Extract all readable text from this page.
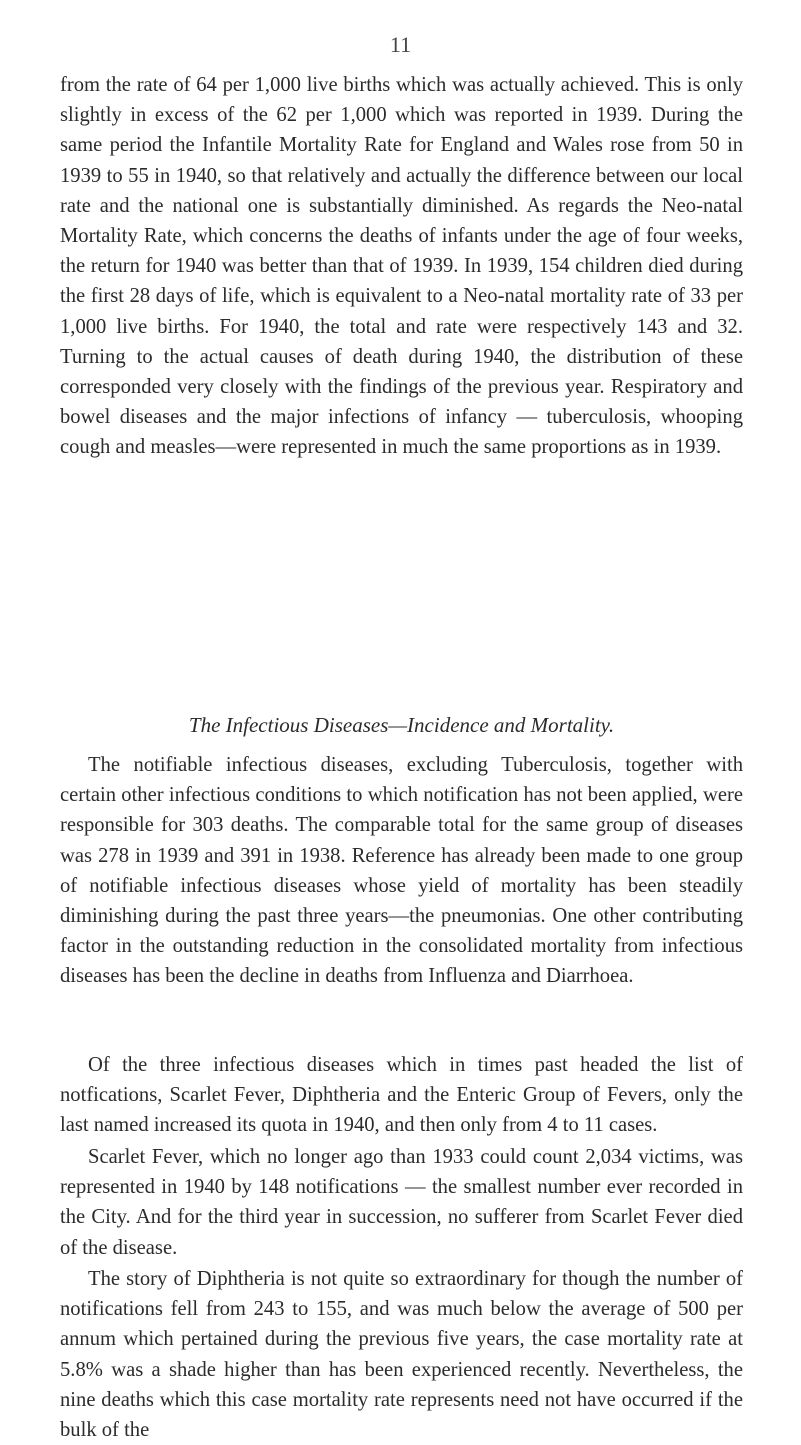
11

from the rate of 64 per 1,000 live births which was actually achieved. This is only slightly in excess of the 62 per 1,000 which was reported in 1939. During the same period the Infantile Mortality Rate for England and Wales rose from 50 in 1939 to 55 in 1940, so that relatively and actually the difference between our local rate and the national one is substantially diminished. As regards the Neo-natal Mortality Rate, which concerns the deaths of infants under the age of four weeks, the return for 1940 was better than that of 1939. In 1939, 154 children died during the first 28 days of life, which is equivalent to a Neo-natal mortality rate of 33 per 1,000 live births. For 1940, the total and rate were respectively 143 and 32. Turning to the actual causes of death during 1940, the distribution of these corresponded very closely with the findings of the previous year. Respiratory and bowel diseases and the major infections of infancy — tuberculosis, whooping cough and measles—were represented in much the same proportions as in 1939.

The Infectious Diseases—Incidence and Mortality.

The notifiable infectious diseases, excluding Tuberculosis, together with certain other infectious conditions to which notification has not been applied, were responsible for 303 deaths. The comparable total for the same group of diseases was 278 in 1939 and 391 in 1938. Reference has already been made to one group of notifiable infectious diseases whose yield of mortality has been steadily diminishing during the past three years—the pneumonias. One other contributing factor in the outstanding reduction in the consolidated mortality from infectious diseases has been the decline in deaths from Influenza and Diarrhoea.

Of the three infectious diseases which in times past headed the list of notfications, Scarlet Fever, Diphtheria and the Enteric Group of Fevers, only the last named increased its quota in 1940, and then only from 4 to 11 cases.

Scarlet Fever, which no longer ago than 1933 could count 2,034 victims, was represented in 1940 by 148 notifications — the smallest number ever recorded in the City. And for the third year in succession, no sufferer from Scarlet Fever died of the disease.

The story of Diphtheria is not quite so extraordinary for though the number of notifications fell from 243 to 155, and was much below the average of 500 per annum which pertained during the previous five years, the case mortality rate at 5.8% was a shade higher than has been experienced recently. Nevertheless, the nine deaths which this case mortality rate represents need not have occurred if the bulk of the
